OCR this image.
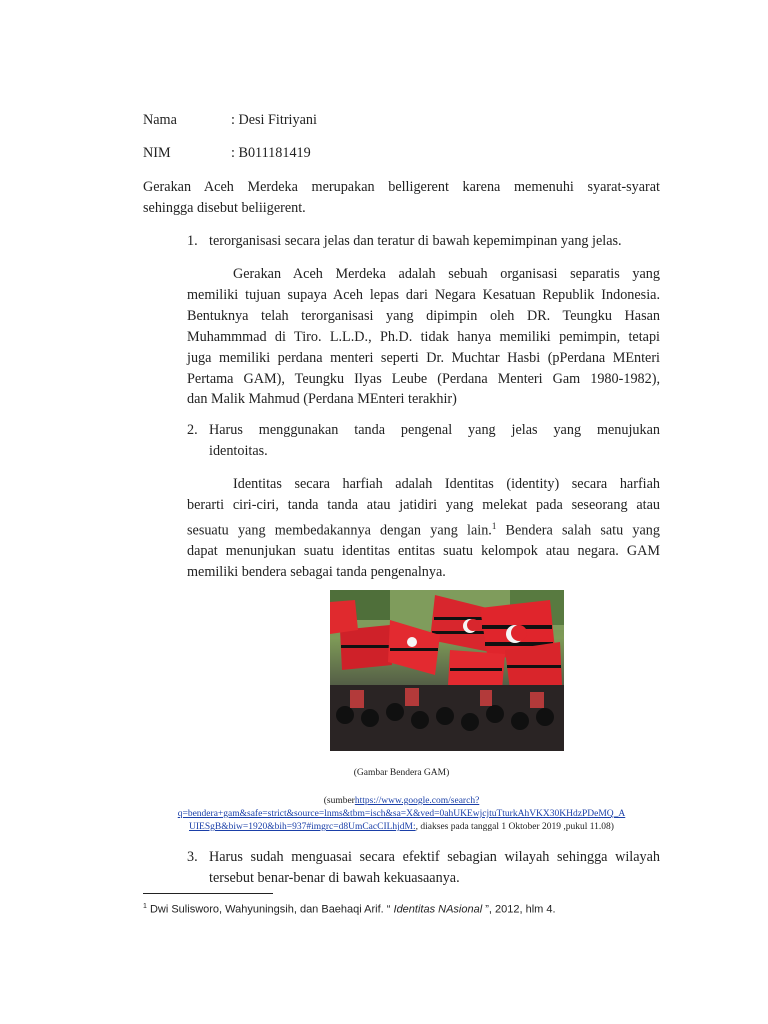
Nama	: Desi Fitriyani
NIM	: B011181419
Gerakan Aceh Merdeka merupakan belligerent karena memenuhi syarat-syarat
sehingga disebut beliigerent.
1. terorganisasi secara jelas dan teratur di bawah kepemimpinan yang jelas.
Gerakan Aceh Merdeka adalah sebuah organisasi separatis yang
memiliki tujuan supaya Aceh lepas dari Negara Kesatuan Republik Indonesia.
Bentuknya telah terorganisasi yang dipimpin oleh DR. Teungku Hasan
Muhammmad di Tiro. L.L.D., Ph.D. tidak hanya memiliki pemimpin, tetapi
juga memiliki perdana menteri seperti Dr. Muchtar Hasbi (pPerdana MEnteri
Pertama GAM), Teungku Ilyas Leube (Perdana Menteri Gam 1980-1982),
dan Malik Mahmud (Perdana MEnteri terakhir)
2. Harus menggunakan tanda pengenal yang jelas yang menujukan
identoitas.
Identitas secara harfiah adalah Identitas (identity) secara harfiah
berarti ciri-ciri, tanda tanda atau jatidiri yang melekat pada seseorang atau
sesuatu yang membedakannya dengan yang lain.$^1$ Bendera salah satu yang
dapat menunjukan suatu identitas entitas suatu kelompok atau negara. GAM
memiliki bendera sebagai tanda pengenalnya.
(Gambar Bendera GAM)
(sumberhttps://www.google.com/search?
q=bendera+gam&safe=strict&source=lnms&tbm=isch&sa=X&ved=0ahUKEwjcjtuTturkAhVKX30KHdzPDeMQ_A
UIESgB&biw=1920&bih=937#imgrc=d8UmCacCILhjdM:, diakses pada tanggal 1 Oktober 2019 ,pukul 11.08)
3. Harus sudah menguasai secara efektif sebagian wilayah sehingga wilayah
tersebut benar-benar di bawah kekuasaanya.
$^1$ Dwi Sulisworo, Wahyuningsih, dan Baehaqi Arif. “ Identitas NAsional ”, 2012, hlm 4.
